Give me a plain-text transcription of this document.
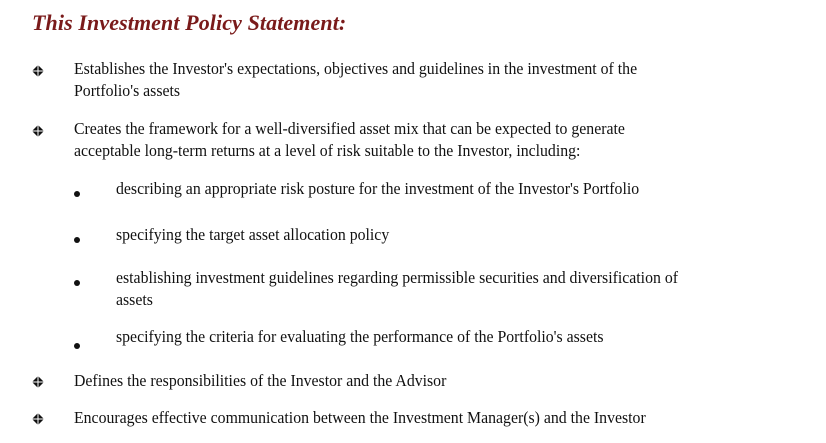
This Investment Policy Statement:
Establishes the Investor's expectations, objectives and guidelines in the investment of the
Portfolio's assets
Creates the framework for a well-diversified asset mix that can be expected to generate
acceptable long-term returns at a level of risk suitable to the Investor, including:
describing an appropriate risk posture for the investment of the Investor's Portfolio
specifying the target asset allocation policy
establishing investment guidelines regarding permissible securities and diversification of
assets
specifying the criteria for evaluating the performance of the Portfolio's assets
Defines the responsibilities of the Investor and the Advisor
Encourages effective communication between the Investment Manager(s) and the Investor
